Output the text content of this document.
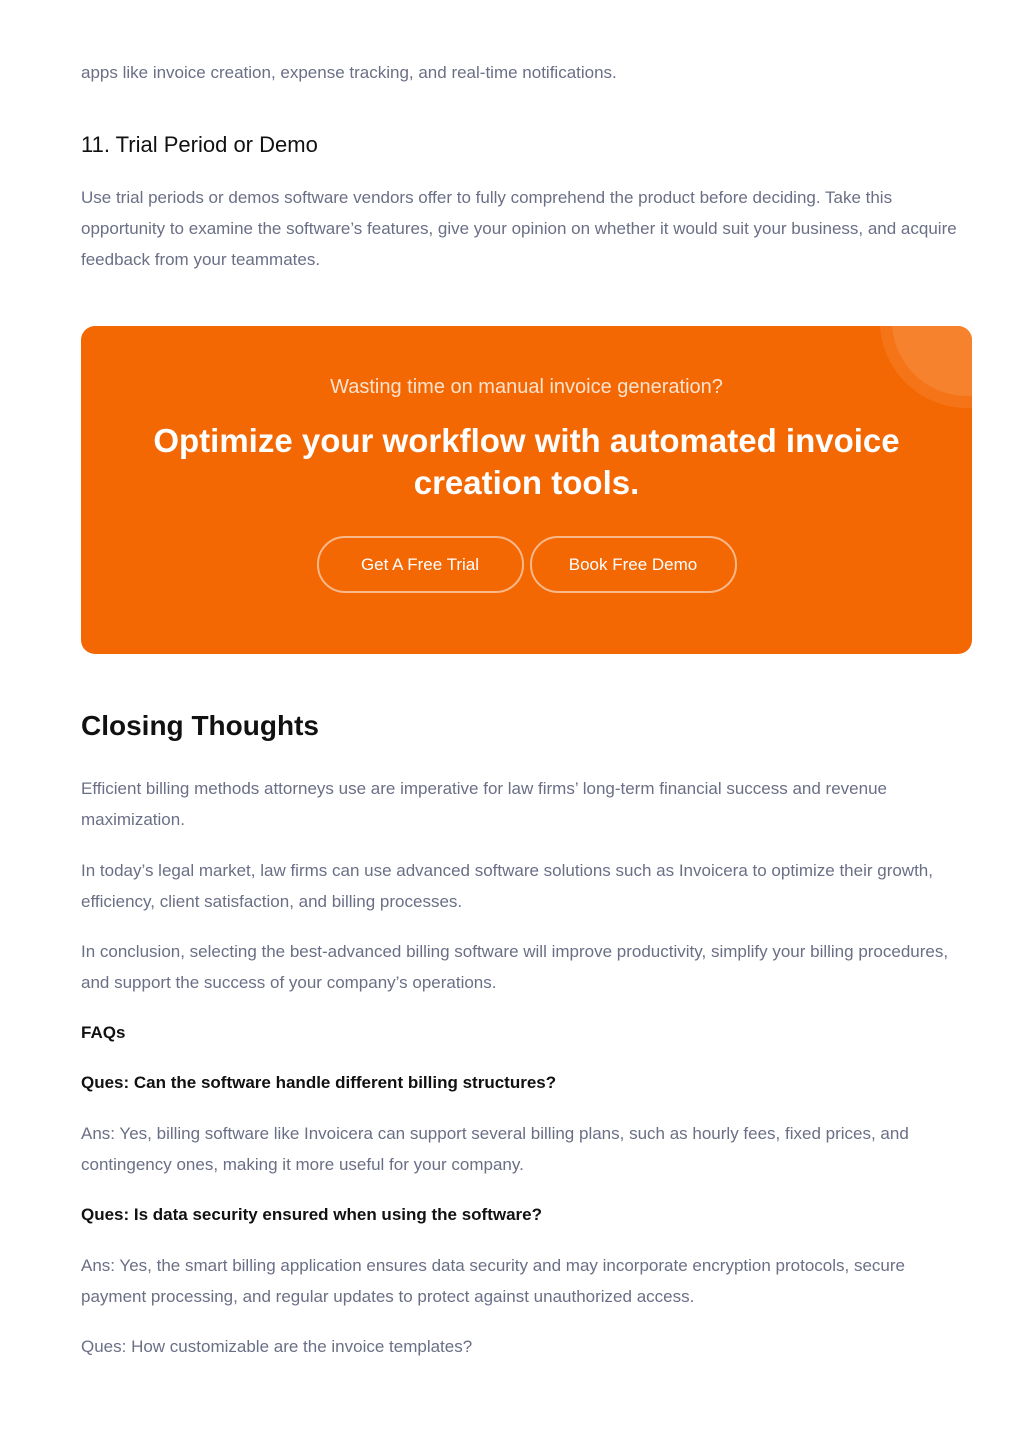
apps like invoice creation, expense tracking, and real-time notifications.

11. Trial Period or Demo

Use trial periods or demos software vendors offer to fully comprehend the product before deciding. Take this opportunity to examine the software’s features, give your opinion on whether it would suit your business, and acquire feedback from your teammates.

Wasting time on manual invoice generation?
Optimize your workflow with automated invoice creation tools.
Get A Free Trial	Book Free Demo
Closing Thoughts

Efficient billing methods attorneys use are imperative for law firms’ long-term financial success and revenue maximization.

In today’s legal market, law firms can use advanced software solutions such as Invoicera to optimize their growth, efficiency, client satisfaction, and billing processes.

In conclusion, selecting the best-advanced billing software will improve productivity, simplify your billing procedures, and support the success of your company’s operations.

FAQs
Ques: Can the software handle different billing structures?

Ans: Yes, billing software like Invoicera can support several billing plans, such as hourly fees, fixed prices, and contingency ones, making it more useful for your company.

Ques: Is data security ensured when using the software?

Ans: Yes, the smart billing application ensures data security and may incorporate encryption protocols, secure payment processing, and regular updates to protect against unauthorized access.

Ques: How customizable are the invoice templates?
